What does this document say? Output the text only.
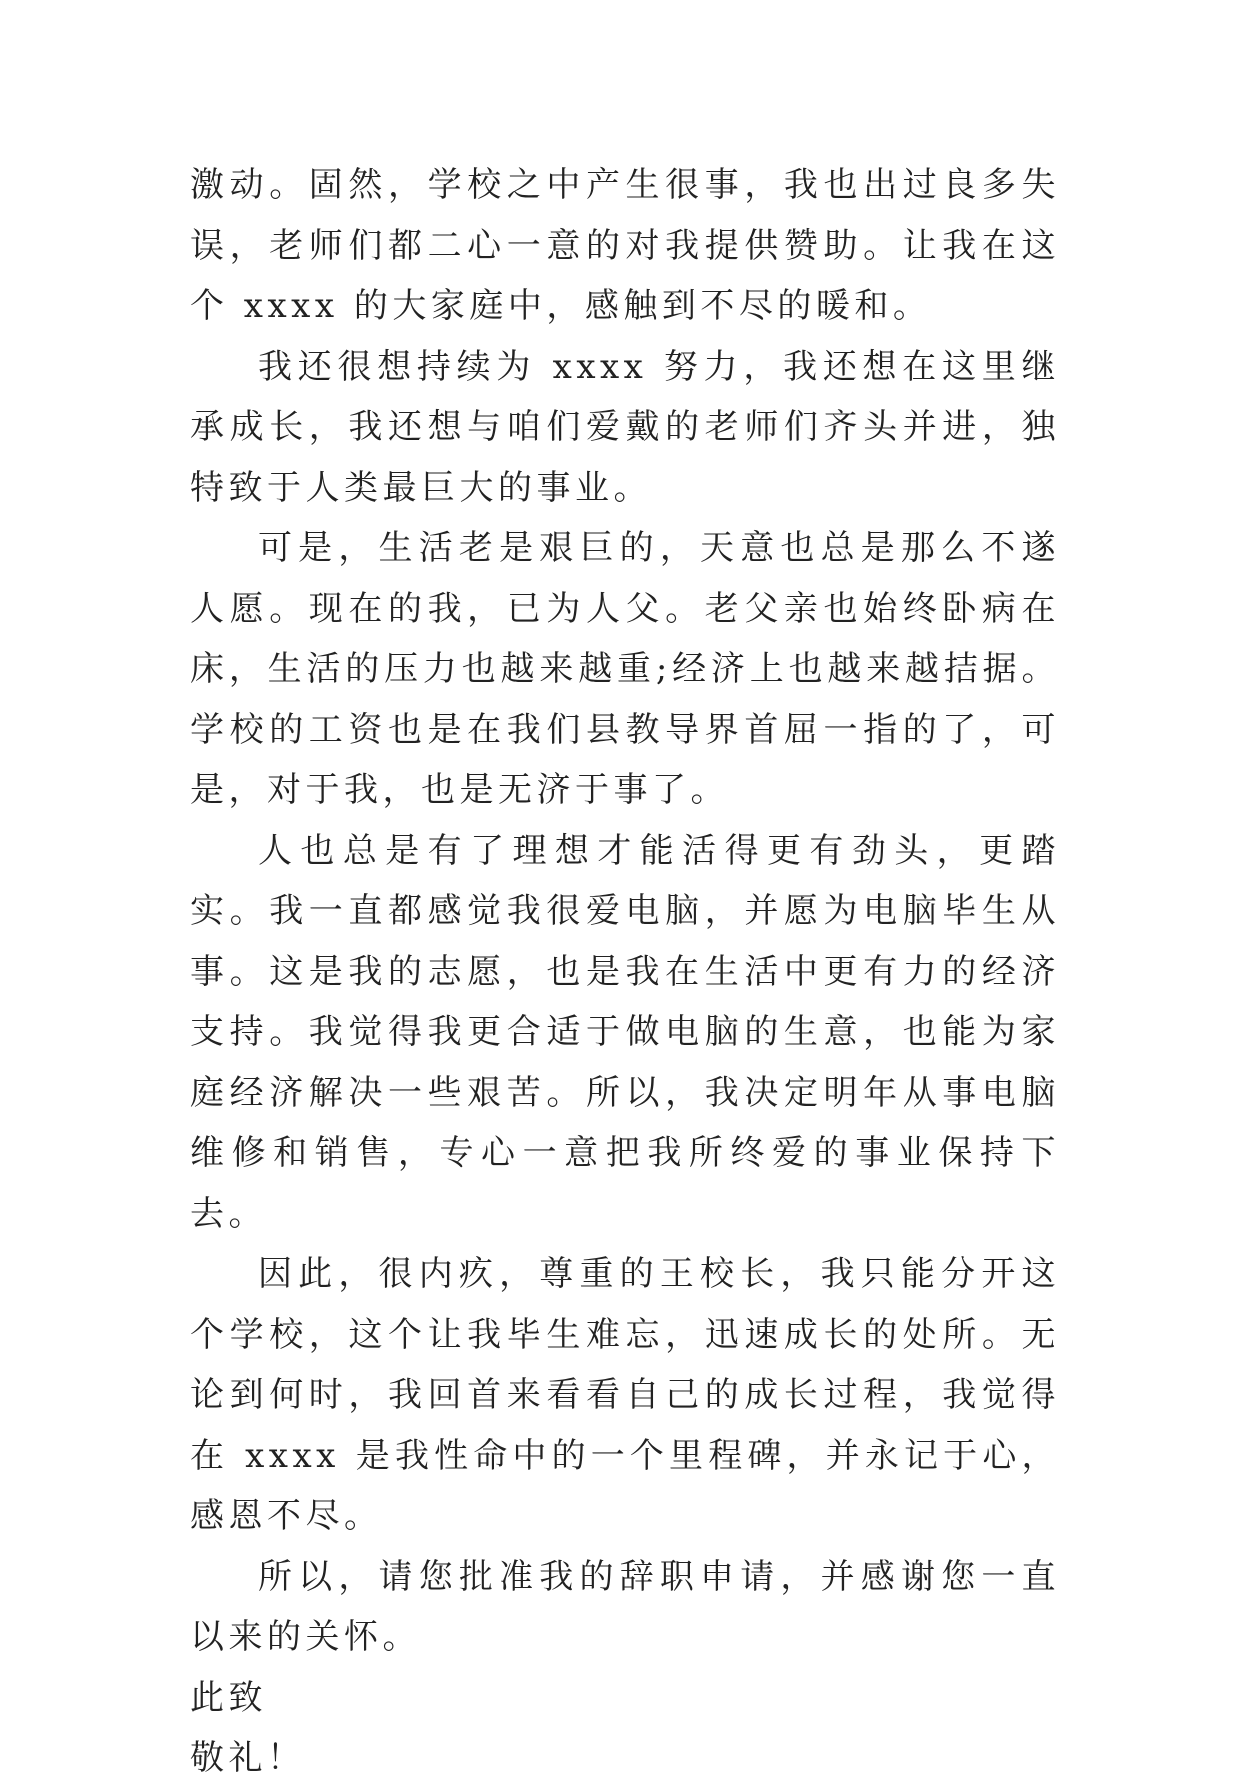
激动。固然，学校之中产生很事，我也出过良多失误，老师们都二心一意的对我提供赞助。让我在这个 xxxx 的大家庭中，感触到不尽的暖和。

我还很想持续为 xxxx 努力，我还想在这里继承成长，我还想与咱们爱戴的老师们齐头并进，独特致于人类最巨大的事业。

可是，生活老是艰巨的，天意也总是那么不遂人愿。现在的我，已为人父。老父亲也始终卧病在床，生活的压力也越来越重;经济上也越来越拮据。学校的工资也是在我们县教导界首屈一指的了，可是，对于我，也是无济于事了。

人也总是有了理想才能活得更有劲头，更踏实。我一直都感觉我很爱电脑，并愿为电脑毕生从事。这是我的志愿，也是我在生活中更有力的经济支持。我觉得我更合适于做电脑的生意，也能为家庭经济解决一些艰苦。所以，我决定明年从事电脑维修和销售，专心一意把我所终爱的事业保持下去。

因此，很内疚，尊重的王校长，我只能分开这个学校，这个让我毕生难忘，迅速成长的处所。无论到何时，我回首来看看自己的成长过程，我觉得在 xxxx 是我性命中的一个里程碑，并永记于心，感恩不尽。

所以，请您批准我的辞职申请，并感谢您一直以来的关怀。

此致

敬礼！
